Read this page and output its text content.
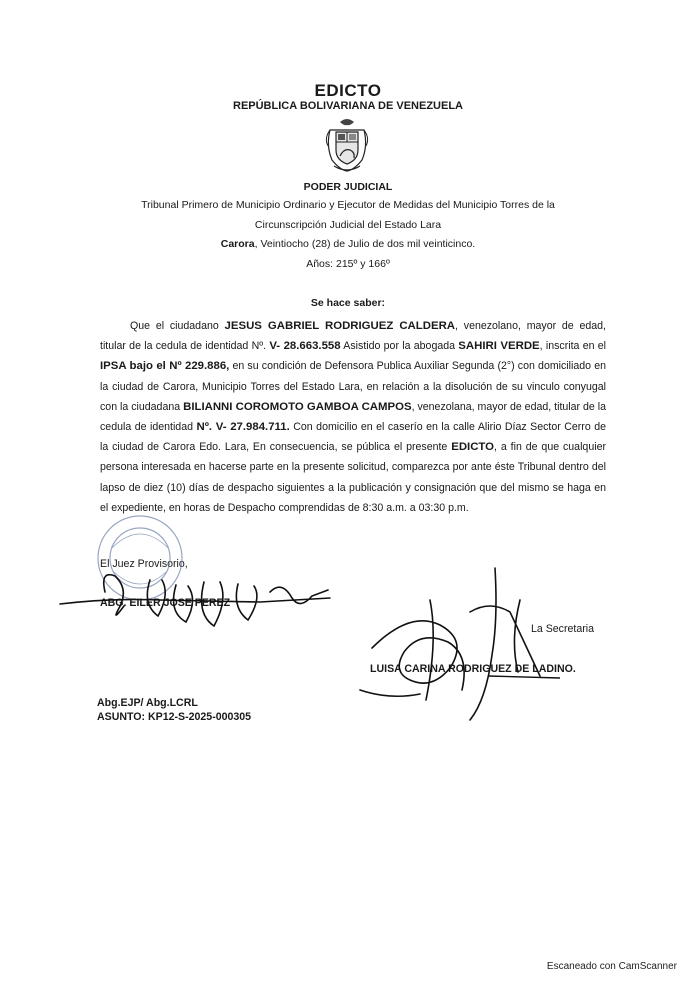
EDICTO
REPÚBLICA BOLIVARIANA DE VENEZUELA
PODER JUDICIAL
Tribunal Primero de Municipio Ordinario y Ejecutor de Medidas del Municipio Torres de la
Circunscripción Judicial del Estado Lara
Carora, Veintiocho (28) de Julio de dos mil veinticinco.
Años: 215º y 166º
Se hace saber:
Que el ciudadano JESUS GABRIEL RODRIGUEZ CALDERA, venezolano, mayor de edad, titular de la cedula de identidad Nº. V- 28.663.558 Asistido por la abogada SAHIRI VERDE, inscrita en el IPSA bajo el Nº 229.886, en su condición de Defensora Publica Auxiliar Segunda (2°) con domiciliado en la ciudad de Carora, Municipio Torres del Estado Lara, en relación a la disolución de su vinculo conyugal con la ciudadana BILIANNI COROMOTO GAMBOA CAMPOS, venezolana, mayor de edad, titular de la cedula de identidad Nº. V- 27.984.711. Con domicilio en el caserío en la calle Alirio Díaz Sector Cerro de la ciudad de Carora Edo. Lara, En consecuencia, se pública el presente EDICTO, a fin de que cualquier persona interesada en hacerse parte en la presente solicitud, comparezca por ante éste Tribunal dentro del lapso de diez (10) días de despacho siguientes a la publicación y consignación que del mismo se haga en el expediente, en horas de Despacho comprendidas de 8:30 a.m. a 03:30 p.m.
El Juez Provisorio,
ABG. EILER JOSE PEREZ
La Secretaria
LUISA CARINA RODRIGUEZ DE LADINO.
Abg.EJP/ Abg.LCRL
ASUNTO: KP12-S-2025-000305
Escaneado con CamScanner
